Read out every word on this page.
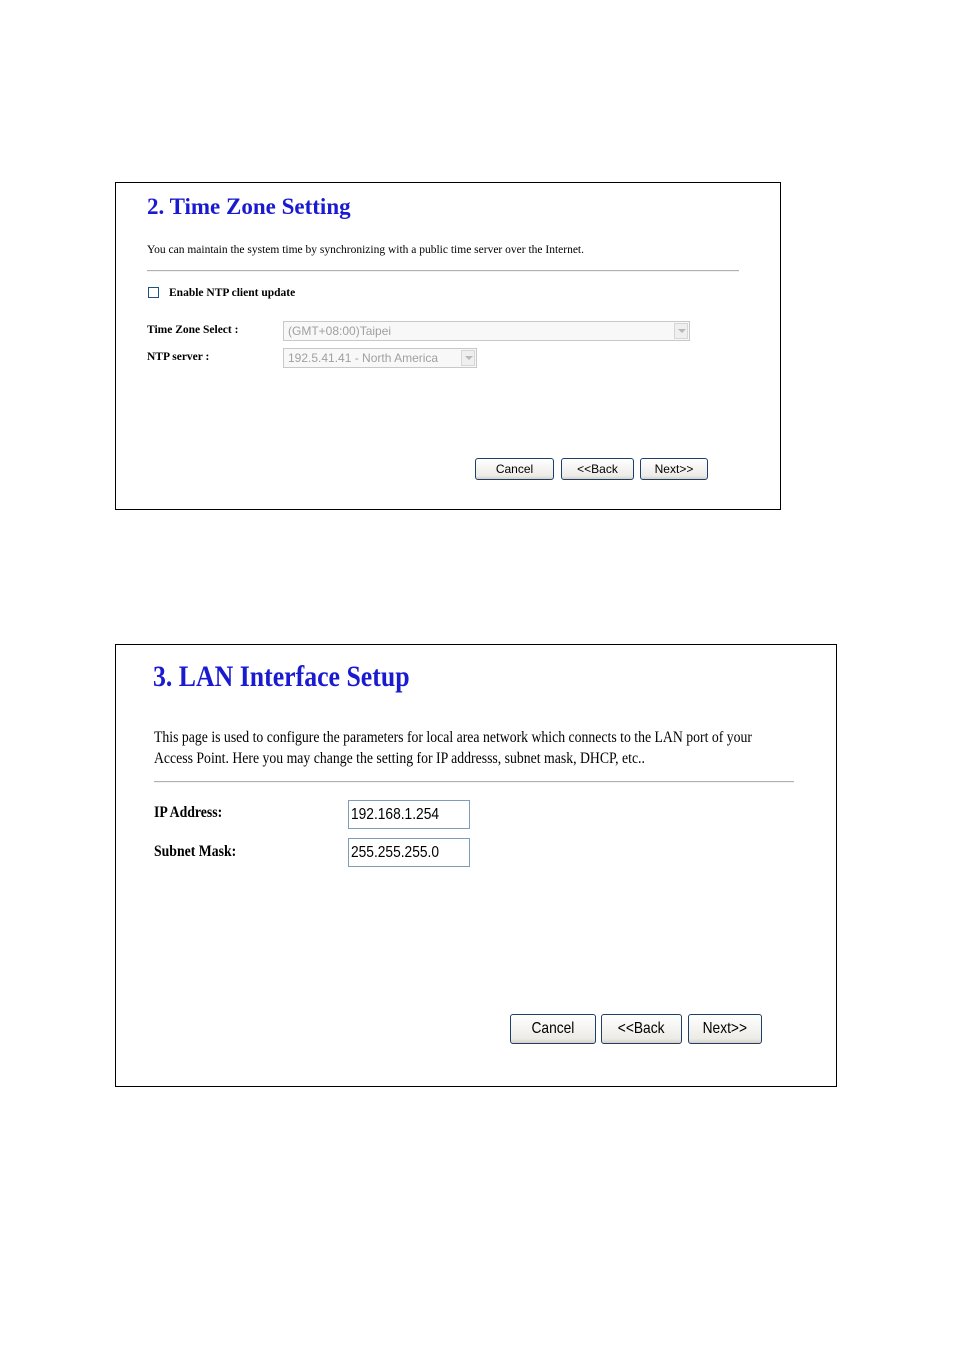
2. Time Zone Setting

You can maintain the system time by synchronizing with a public time server over the Internet.

Enable NTP client update
Time Zone Select :	(GMT+08:00)Taipei
NTP server :	192.5.41.41 - North America
Cancel	<<Back	Next>>
3. LAN Interface Setup

This page is used to configure the parameters for local area network which connects to the LAN port of your Access Point. Here you may change the setting for IP addresss, subnet mask, DHCP, etc..

IP Address:	192.168.1.254
Subnet Mask:	255.255.255.0
Cancel	<<Back	Next>>
